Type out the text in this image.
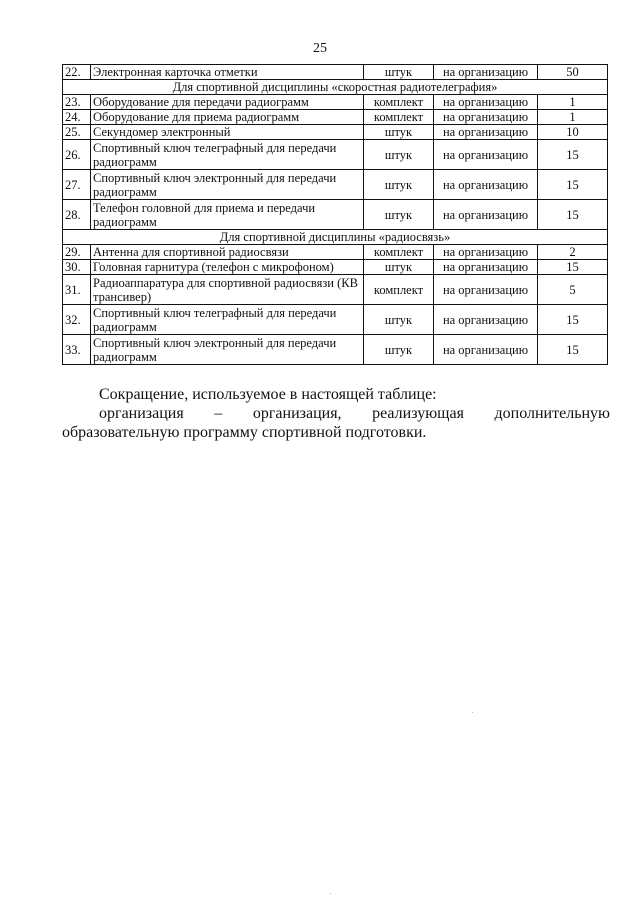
25
22.	Электронная карточка отметки	штук	на организацию	50
Для спортивной дисциплины «скоростная радиотелеграфия»				
23.	Оборудование для передачи радиограмм	комплект	на организацию	1
24.	Оборудование для приема радиограмм	комплект	на организацию	1
25.	Секундомер электронный	штук	на организацию	10
26.	Спортивный ключ телеграфный для передачи радиограмм	штук	на организацию	15
27.	Спортивный ключ электронный для передачи радиограмм	штук	на организацию	15
28.	Телефон головной для приема и передачи радиограмм	штук	на организацию	15
Для спортивной дисциплины «радиосвязь»				
29.	Антенна для спортивной радиосвязи	комплект	на организацию	2
30.	Головная гарнитура (телефон с микрофоном)	штук	на организацию	15
31.	Радиоаппаратура для спортивной радиосвязи (КВ трансивер)	комплект	на организацию	5
32.	Спортивный ключ телеграфный для передачи радиограмм	штук	на организацию	15
33.	Спортивный ключ электронный для передачи радиограмм	штук	на организацию	15

Сокращение, используемое в настоящей таблице:

организация – организация, реализующая дополнительную образовательную программу спортивной подготовки.
